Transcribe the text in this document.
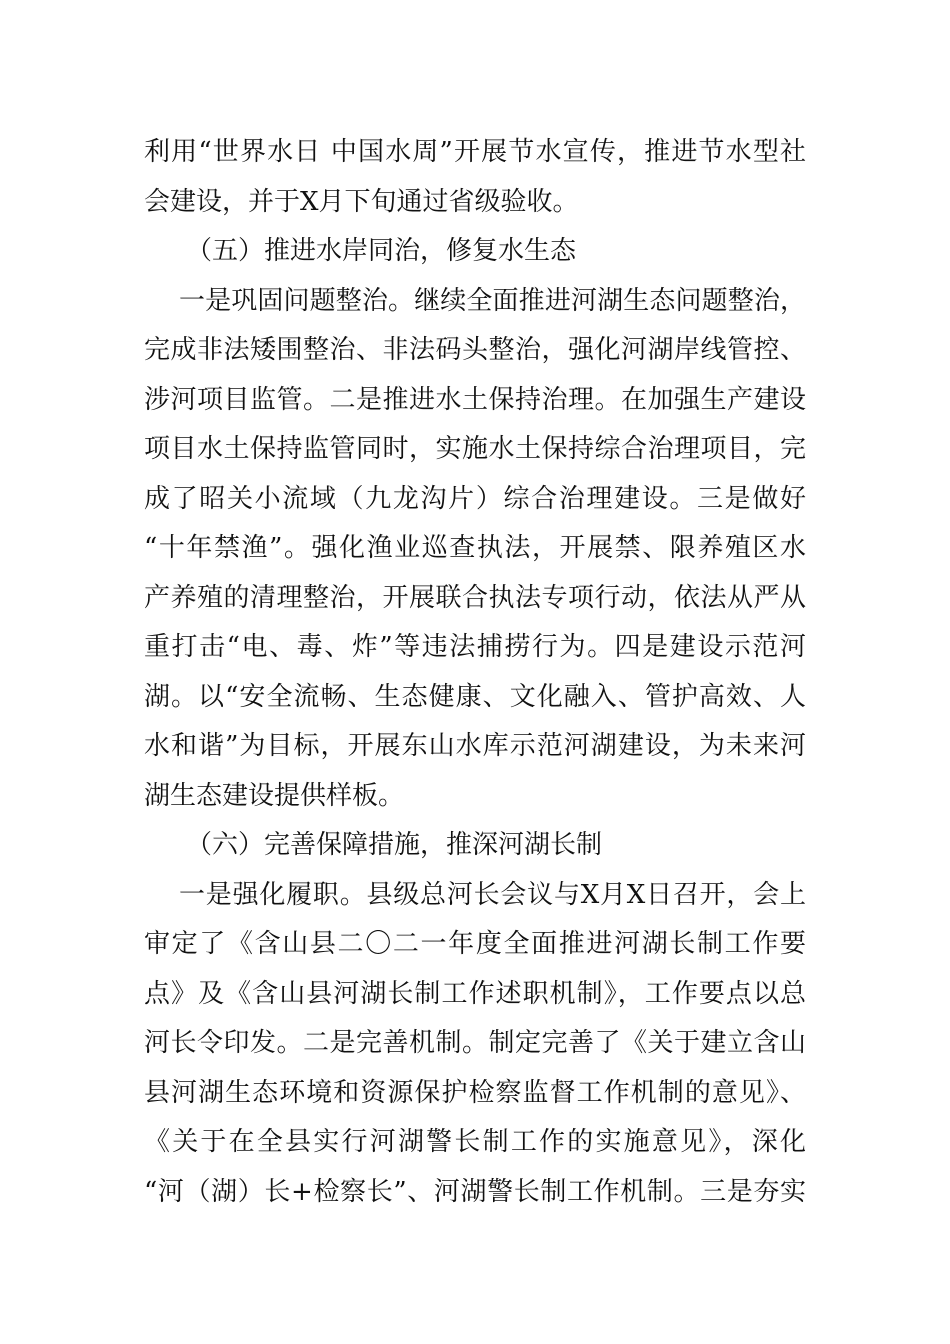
利用“世界水日 中国水周”开展节水宣传，推进节水型社
会建设，并于X月下旬通过省级验收。
（五）推进水岸同治，修复水生态
一是巩固问题整治。继续全面推进河湖生态问题整治，
完成非法矮围整治、非法码头整治，强化河湖岸线管控、
涉河项目监管。二是推进水土保持治理。在加强生产建设
项目水土保持监管同时，实施水土保持综合治理项目，完
成了昭关小流域（九龙沟片）综合治理建设。三是做好
“十年禁渔”。强化渔业巡查执法，开展禁、限养殖区水
产养殖的清理整治，开展联合执法专项行动，依法从严从
重打击“电、毒、炸”等违法捕捞行为。四是建设示范河
湖。以“安全流畅、生态健康、文化融入、管护高效、人
水和谐”为目标，开展东山水库示范河湖建设，为未来河
湖生态建设提供样板。
（六）完善保障措施，推深河湖长制
一是强化履职。县级总河长会议与X月X日召开，会上
审定了《含山县二〇二一年度全面推进河湖长制工作要
点》及《含山县河湖长制工作述职机制》，工作要点以总
河长令印发。二是完善机制。制定完善了《关于建立含山
县河湖生态环境和资源保护检察监督工作机制的意见》、
《关于在全县实行河湖警长制工作的实施意见》，深化
“河（湖）长+检察长”、河湖警长制工作机制。三是夯实
